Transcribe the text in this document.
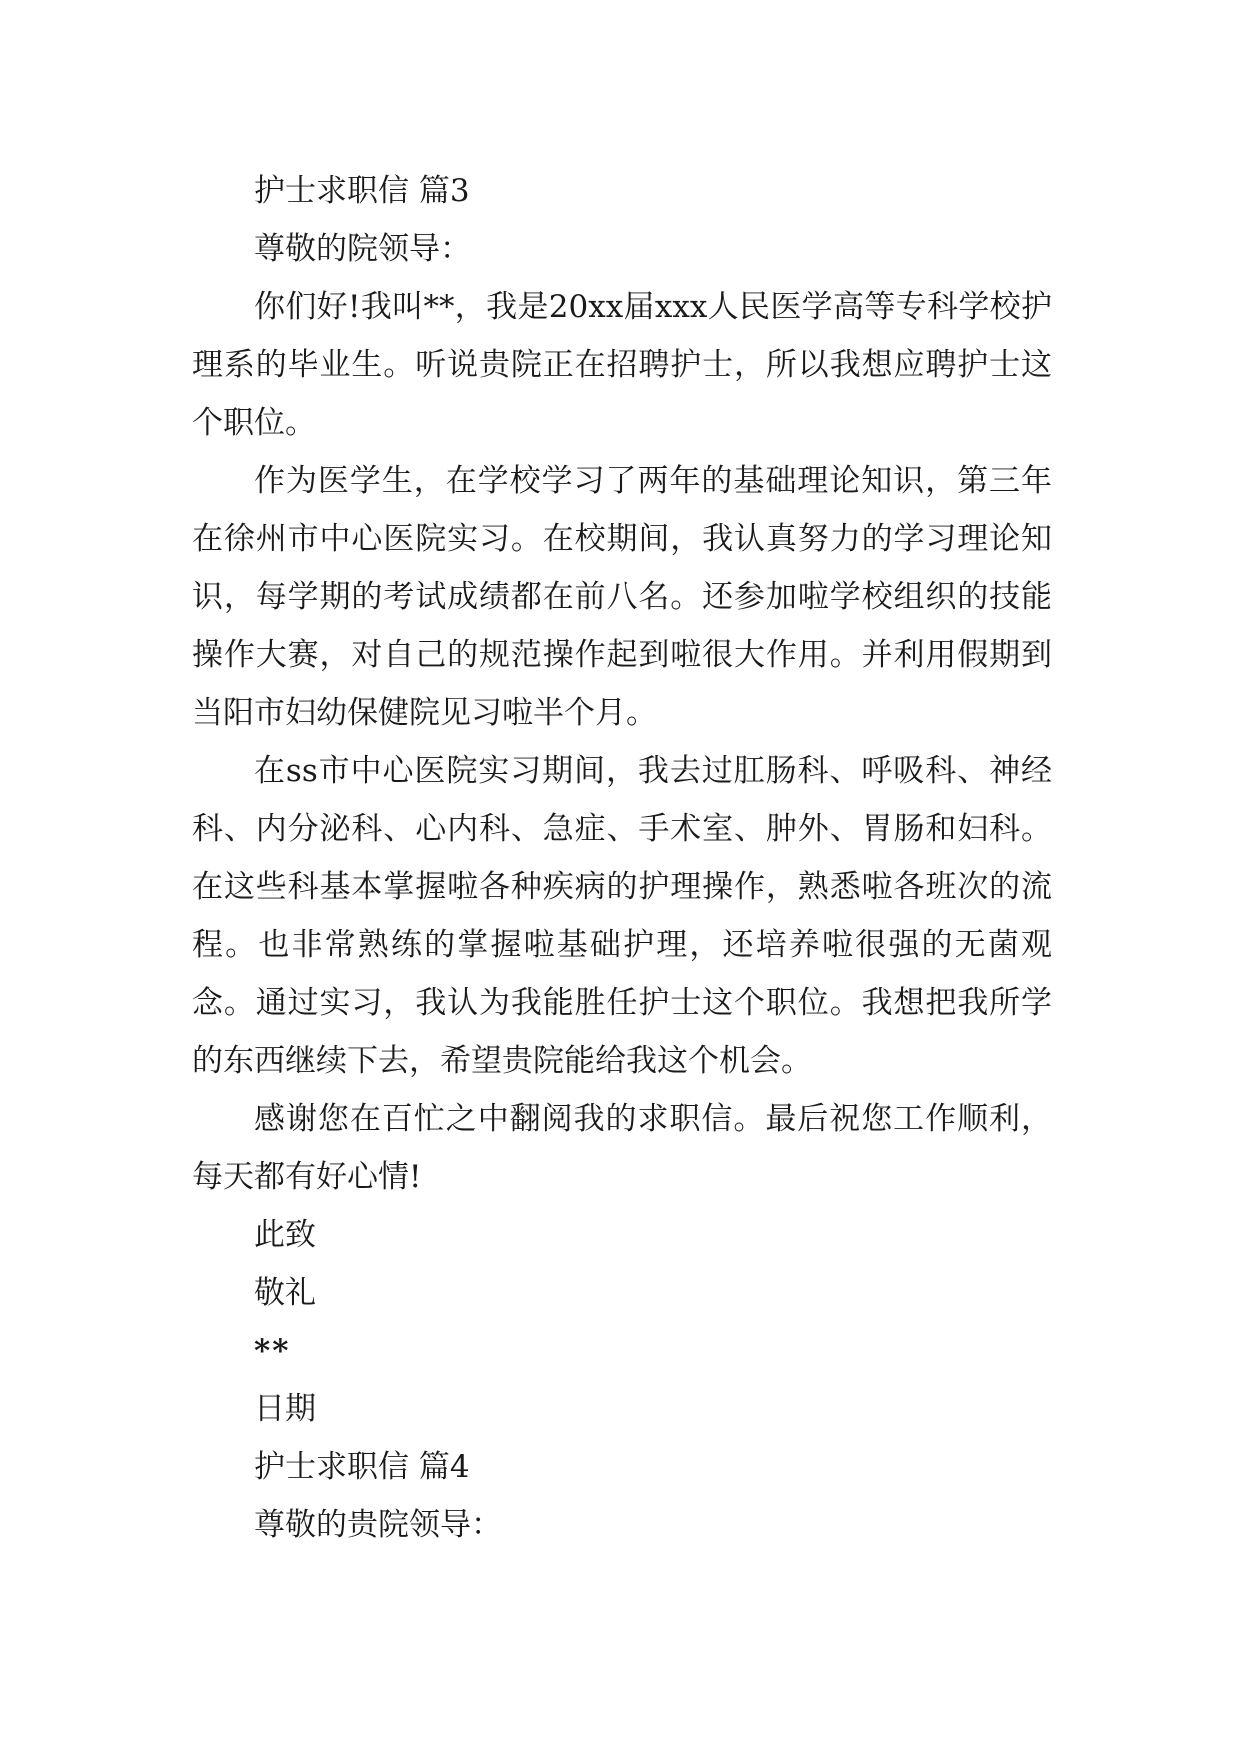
护士求职信 篇3
尊敬的院领导：
你们好!我叫**，我是20xx届xxx人民医学高等专科学校护理系的毕业生。听说贵院正在招聘护士，所以我想应聘护士这个职位。
作为医学生，在学校学习了两年的基础理论知识，第三年在徐州市中心医院实习。在校期间，我认真努力的学习理论知识，每学期的考试成绩都在前八名。还参加啦学校组织的技能操作大赛，对自己的规范操作起到啦很大作用。并利用假期到当阳市妇幼保健院见习啦半个月。
在ss市中心医院实习期间，我去过肛肠科、呼吸科、神经科、内分泌科、心内科、急症、手术室、肿外、胃肠和妇科。在这些科基本掌握啦各种疾病的护理操作，熟悉啦各班次的流程。也非常熟练的掌握啦基础护理，还培养啦很强的无菌观念。通过实习，我认为我能胜任护士这个职位。我想把我所学的东西继续下去，希望贵院能给我这个机会。
感谢您在百忙之中翻阅我的求职信。最后祝您工作顺利，每天都有好心情!
此致
敬礼
**
日期
护士求职信 篇4
尊敬的贵院领导：
